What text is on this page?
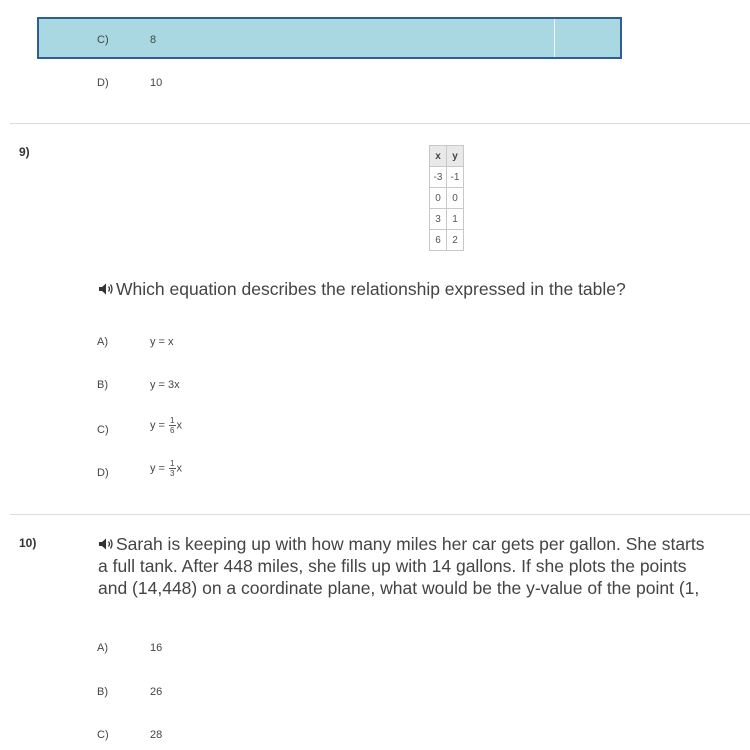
C)	8
D)	10
9)	x	y
-3	-1
0	0
3	1
6	2
Which equation describes the relationship expressed in the table?
A)	y = x
B)	y = 3x
C)	$y = \frac{1}{6}$ x
D)	$y = \frac{1}{3}$ x
10)	Sarah is keeping up with how many miles her car gets per gallon. She starts
a full tank. After 448 miles, she fills up with 14 gallons. If she plots the points
and (14,448) on a coordinate plane, what would be the y-value of the point (1,
A)	16
B)	26
C)	28
